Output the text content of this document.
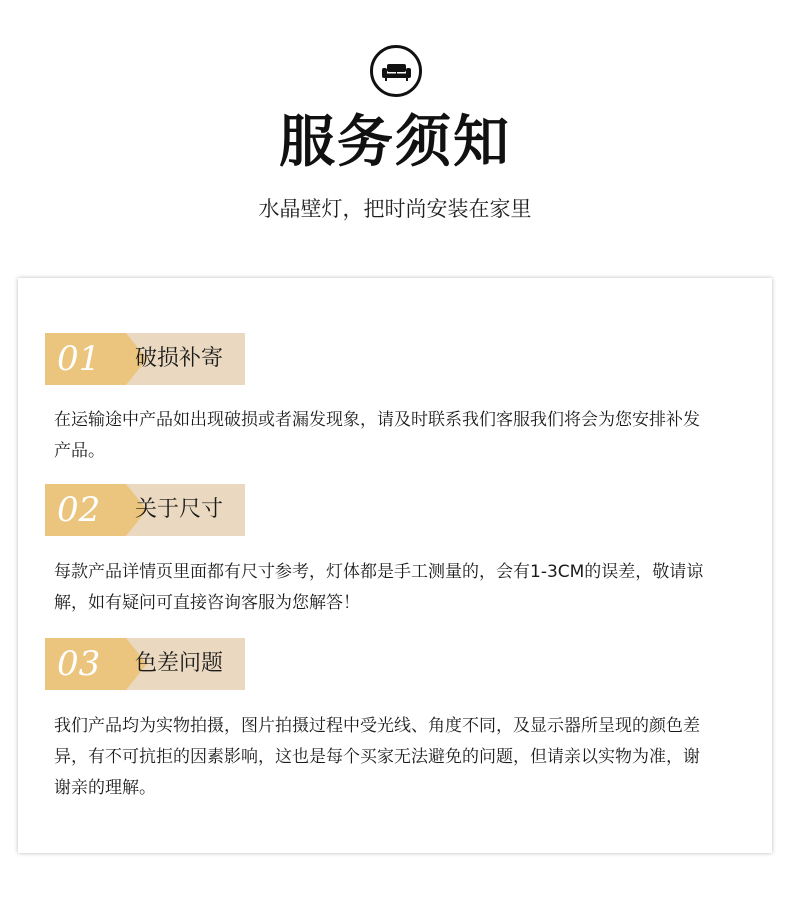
服务须知
水晶壁灯，把时尚安装在家里
01	破损补寄
在运输途中产品如出现破损或者漏发现象，请及时联系我们客服我们将会为您安排补发产品。
02	关于尺寸
每款产品详情页里面都有尺寸参考，灯体都是手工测量的，会有1-3CM的误差，敬请谅解，如有疑问可直接咨询客服为您解答！
03	色差问题
我们产品均为实物拍摄，图片拍摄过程中受光线、角度不同，及显示器所呈现的颜色差异，有不可抗拒的因素影响，这也是每个买家无法避免的问题，但请亲以实物为准，谢谢亲的理解。
